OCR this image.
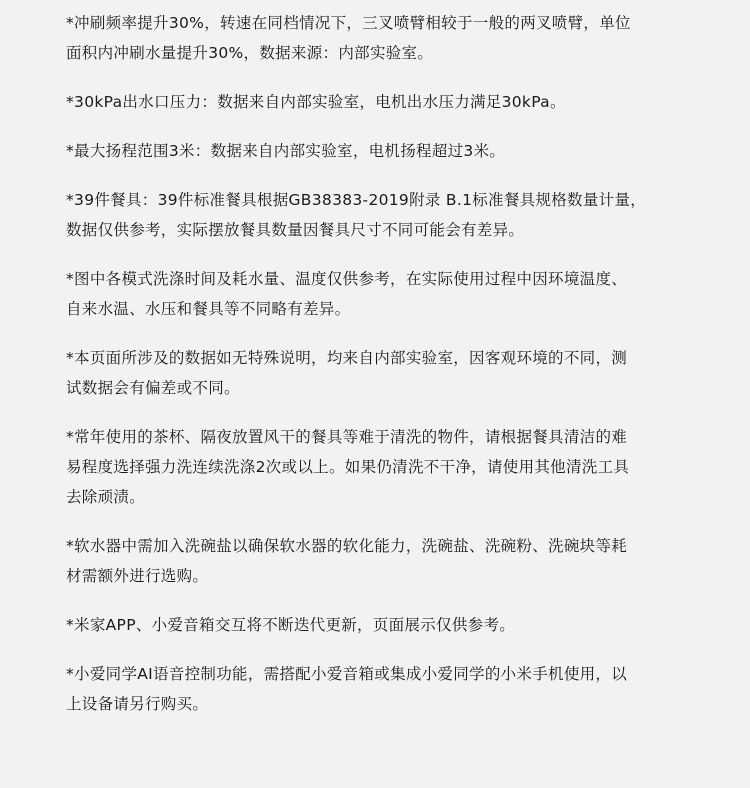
*冲刷频率提升30%，转速在同档情况下，三叉喷臂相较于一般的两叉喷臂，单位
面积内冲刷水量提升30%，数据来源：内部实验室。

*30kPa出水口压力：数据来自内部实验室，电机出水压力满足30kPa。

*最大扬程范围3米：数据来自内部实验室，电机扬程超过3米。

*39件餐具：39件标准餐具根据GB38383-2019附录 B.1标准餐具规格数量计量，
数据仅供参考，实际摆放餐具数量因餐具尺寸不同可能会有差异。

*图中各模式洗涤时间及耗水量、温度仅供参考，在实际使用过程中因环境温度、
自来水温、水压和餐具等不同略有差异。

*本页面所涉及的数据如无特殊说明，均来自内部实验室，因客观环境的不同，测
试数据会有偏差或不同。

*常年使用的茶杯、隔夜放置风干的餐具等难于清洗的物件，请根据餐具清洁的难
易程度选择强力洗连续洗涤2次或以上。如果仍清洗不干净，请使用其他清洗工具
去除顽渍。

*软水器中需加入洗碗盐以确保软水器的软化能力，洗碗盐、洗碗粉、洗碗块等耗
材需额外进行选购。

*米家APP、小爱音箱交互将不断迭代更新，页面展示仅供参考。

*小爱同学AI语音控制功能，需搭配小爱音箱或集成小爱同学的小米手机使用，以
上设备请另行购买。
